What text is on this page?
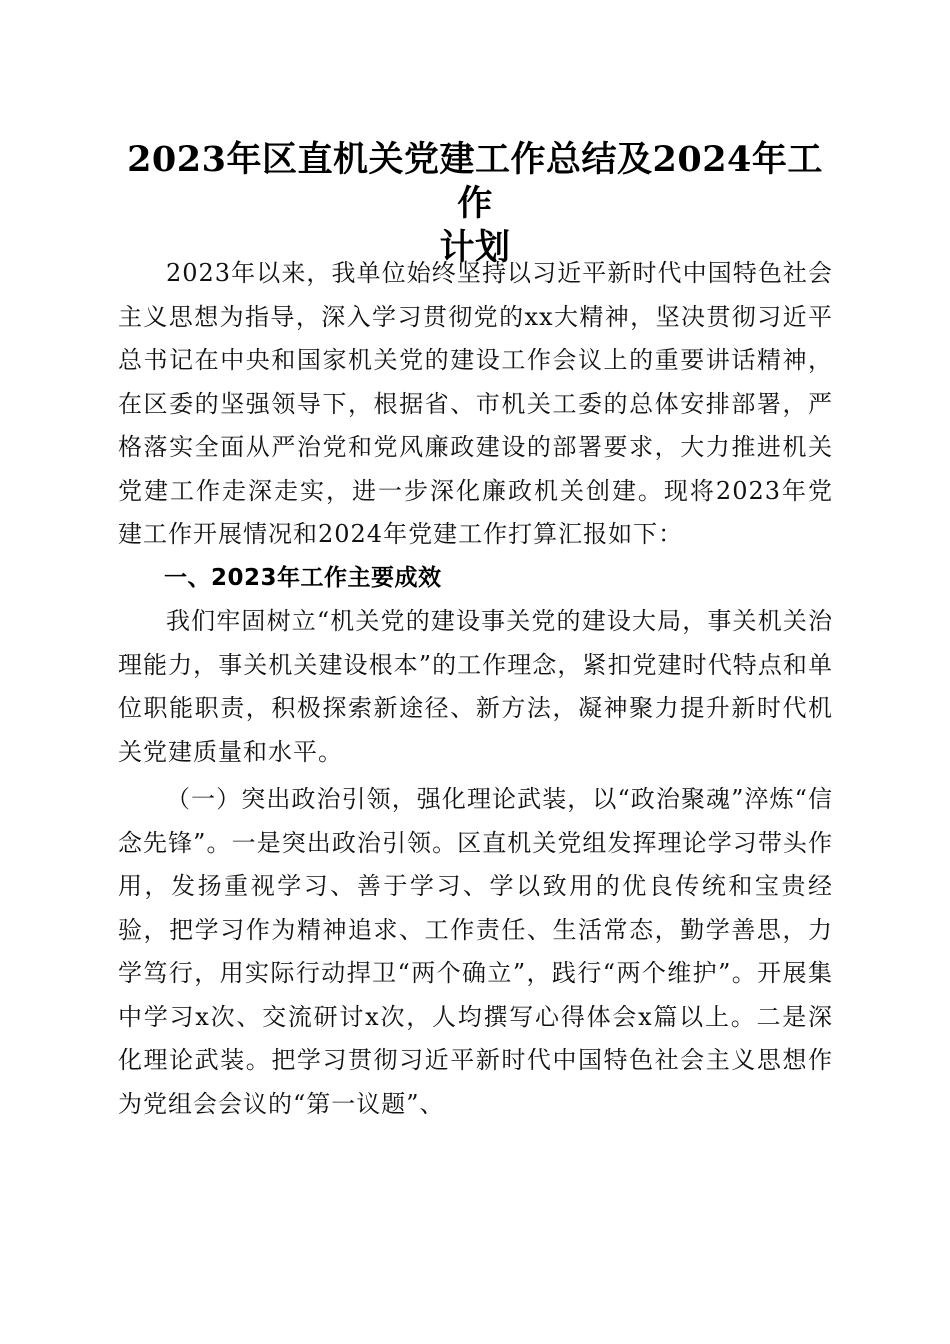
2023年区直机关党建工作总结及2024年工作
计划

2023年以来，我单位始终坚持以习近平新时代中国特色社会主义思想为指导，深入学习贯彻党的xx大精神，坚决贯彻习近平总书记在中央和国家机关党的建设工作会议上的重要讲话精神，在区委的坚强领导下，根据省、市机关工委的总体安排部署，严格落实全面从严治党和党风廉政建设的部署要求，大力推进机关党建工作走深走实，进一步深化廉政机关创建。现将2023年党建工作开展情况和2024年党建工作打算汇报如下：

一、2023年工作主要成效

我们牢固树立“机关党的建设事关党的建设大局，事关机关治理能力，事关机关建设根本”的工作理念，紧扣党建时代特点和单位职能职责，积极探索新途径、新方法，凝神聚力提升新时代机关党建质量和水平。

（一）突出政治引领，强化理论武装，以“政治聚魂”淬炼“信念先锋”。一是突出政治引领。区直机关党组发挥理论学习带头作用，发扬重视学习、善于学习、学以致用的优良传统和宝贵经验，把学习作为精神追求、工作责任、生活常态，勤学善思，力学笃行，用实际行动捍卫“两个确立”，践行“两个维护”。开展集中学习x次、交流研讨x次，人均撰写心得体会x篇以上。二是深化理论武装。把学习贯彻习近平新时代中国特色社会主义思想作为党组会会议的“第一议题”、
